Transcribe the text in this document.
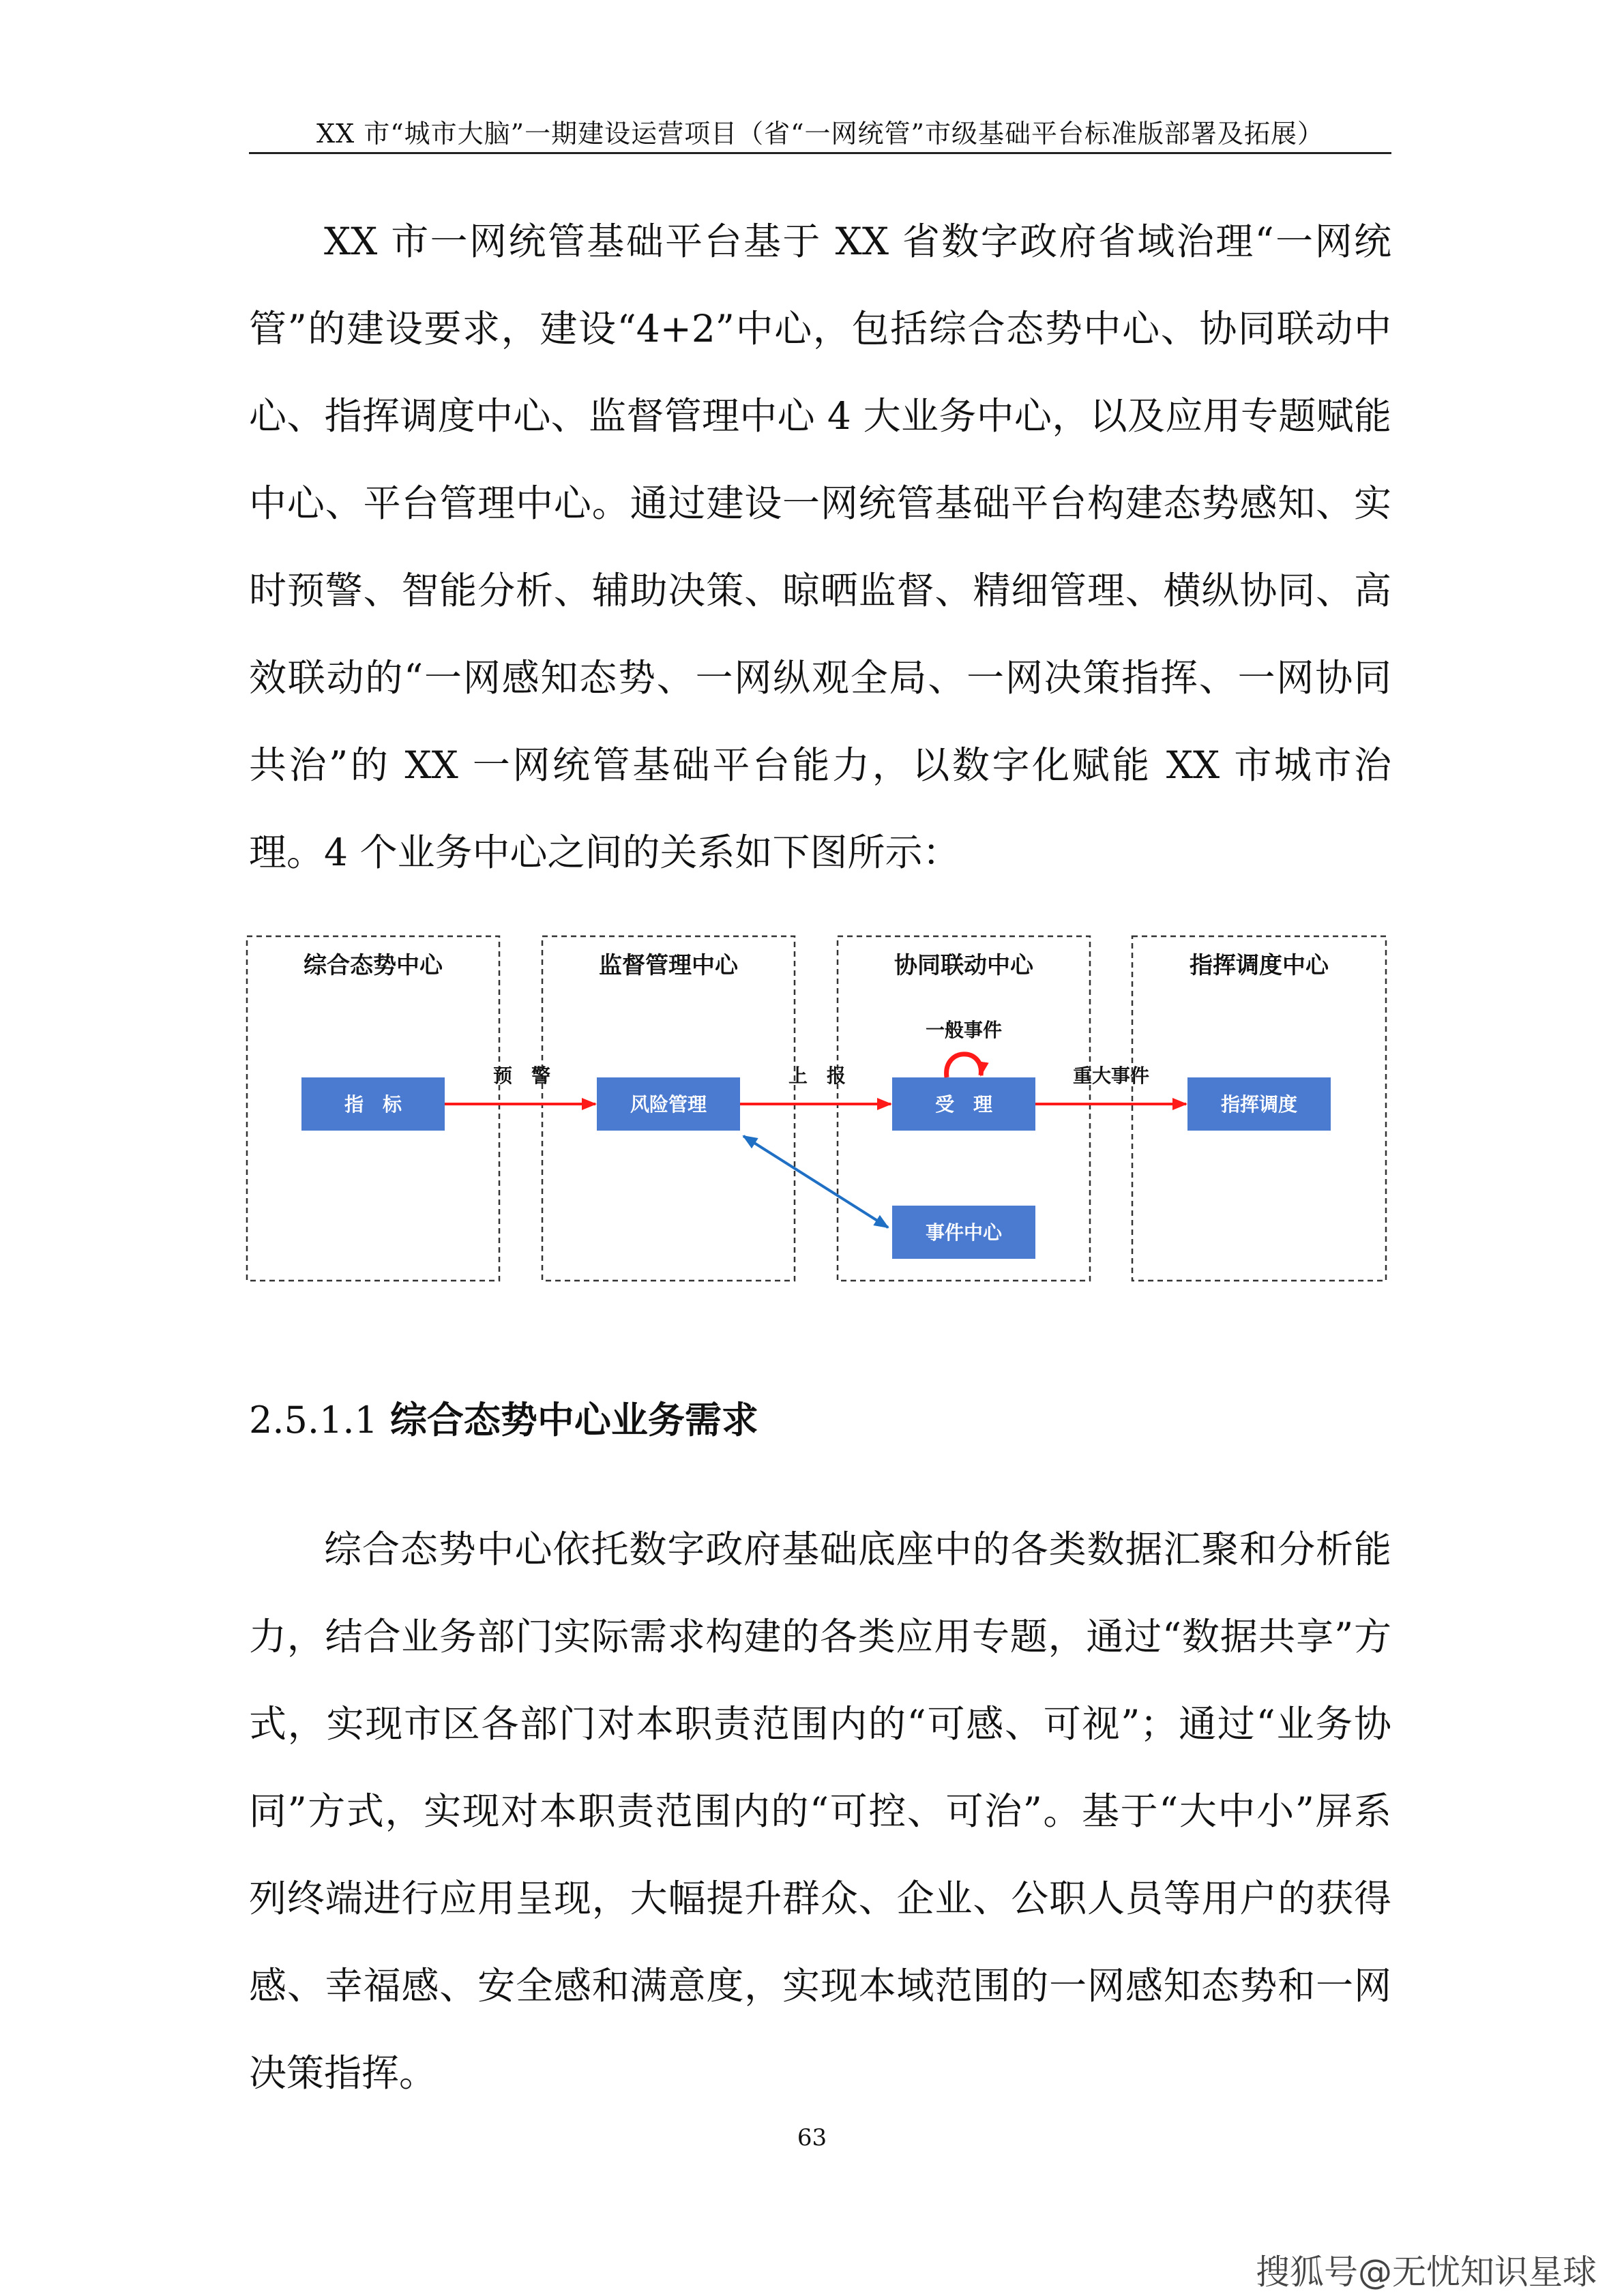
XX 市“城市大脑”一期建设运营项目（省“一网统管”市级基础平台标准版部署及拓展）

XX 市一网统管基础平台基于 XX 省数字政府省域治理“一网统管”的建设要求，建设“4+2”中心，包括综合态势中心、协同联动中心、指挥调度中心、监督管理中心 4 大业务中心，以及应用专题赋能中心、平台管理中心。通过建设一网统管基础平台构建态势感知、实时预警、智能分析、辅助决策、晾晒监督、精细管理、横纵协同、高效联动的“一网感知态势、一网纵观全局、一网决策指挥、一网协同共治”的 XX 一网统管基础平台能力，以数字化赋能 XX 市城市治理。4 个业务中心之间的关系如下图所示：

综合态势中心	监督管理中心	协同联动中心	指挥调度中心
指　标	风险管理	受　理
事件中心
指挥调度
预　警	上　报	重大事件
一般事件
2.5.1.1 综合态势中心业务需求

综合态势中心依托数字政府基础底座中的各类数据汇聚和分析能力，结合业务部门实际需求构建的各类应用专题，通过“数据共享”方式，实现市区各部门对本职责范围内的“可感、可视”；通过“业务协同”方式，实现对本职责范围内的“可控、可治”。基于“大中小”屏系列终端进行应用呈现，大幅提升群众、企业、公职人员等用户的获得感、幸福感、安全感和满意度，实现本域范围的一网感知态势和一网决策指挥。

63
搜狐号@无忧知识星球
